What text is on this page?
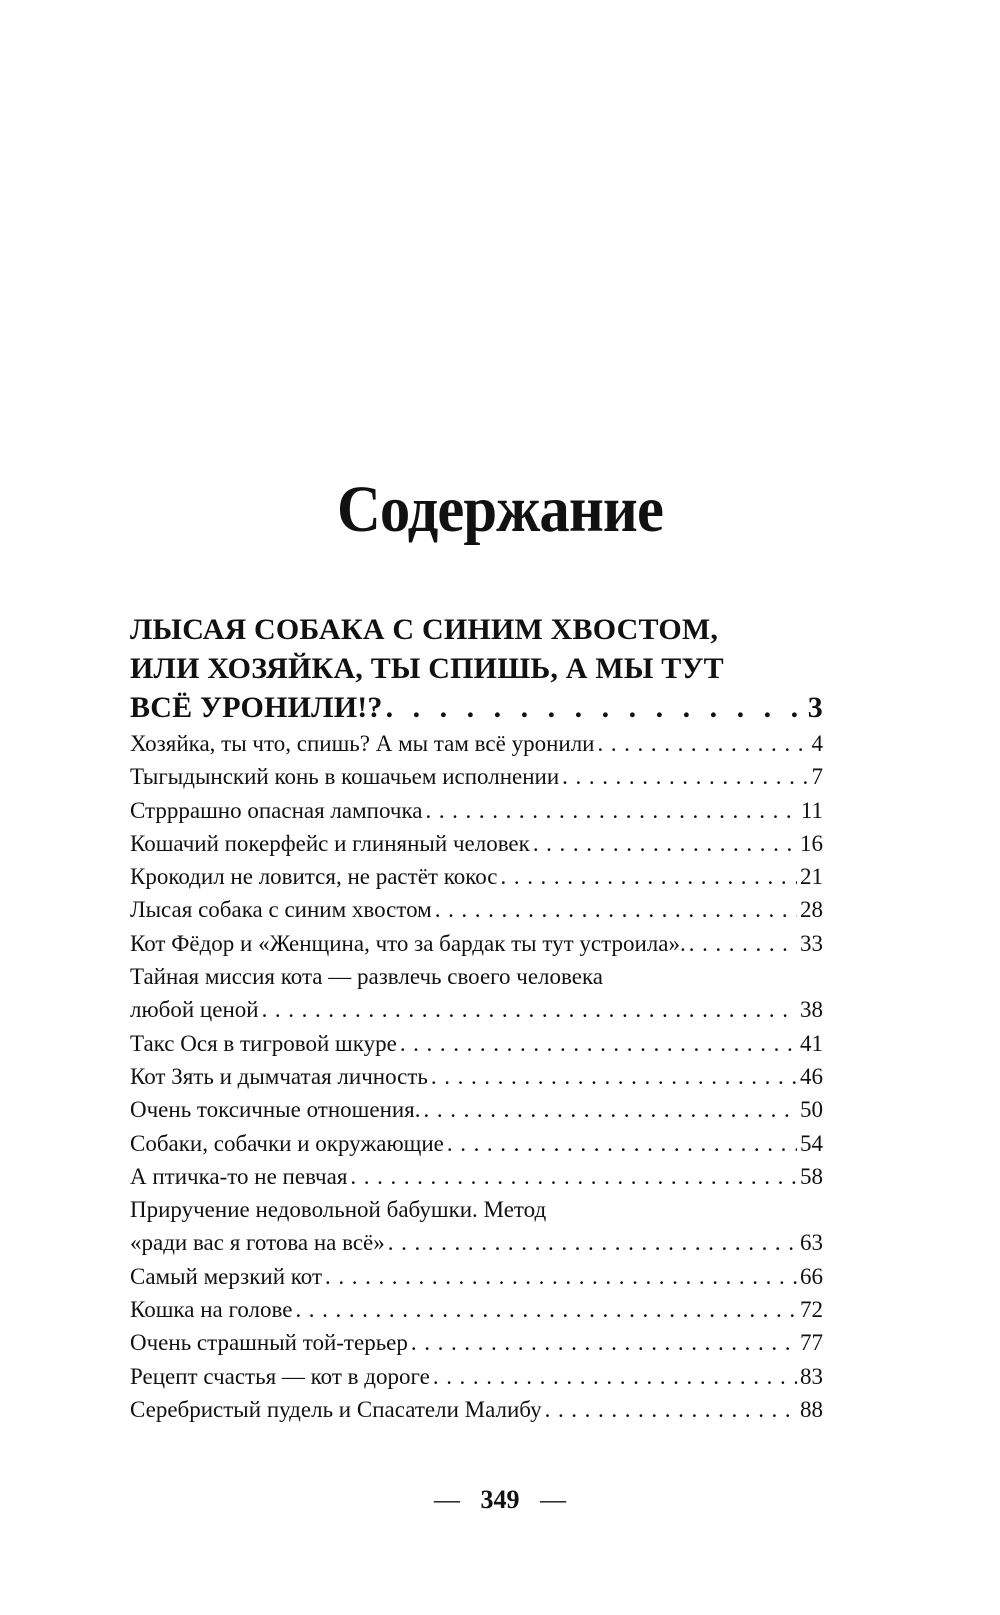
Содержание
ЛЫСАЯ СОБАКА С СИНИМ ХВОСТОМ,
ИЛИ ХОЗЯЙКА, ТЫ СПИШЬ, А МЫ ТУТ
ВСЁ УРОНИЛИ!? . . .	3
Хозяйка, ты что, спишь? А мы там всё уронили .....	4
Тыгыдынский конь в кошачьем исполнении .....	7
Стрррашно опасная лампочка .....	11
Кошачий покерфейс и глиняный человек .....	16
Крокодил не ловится, не растёт кокос .....	21
Лысая собака с синим хвостом .....	28
Кот Фёдор и «Женщина, что за бардак ты тут устроила». .....	33
Тайная миссия кота — развлечь своего человека
любой ценой .....	38
Такс Ося в тигровой шкуре .....	41
Кот Зять и дымчатая личность .....	46
Очень токсичные отношения. .....	50
Собаки, собачки и окружающие .....	54
А птичка-то не певчая .....	58
Приручение недовольной бабушки. Метод
«ради вас я готова на всё» .....	63
Самый мерзкий кот .....	66
Кошка на голове .....	72
Очень страшный той-терьер .....	77
Рецепт счастья — кот в дороге .....	83
Серебристый пудель и Спасатели Малибу .....	88
— 349 —
